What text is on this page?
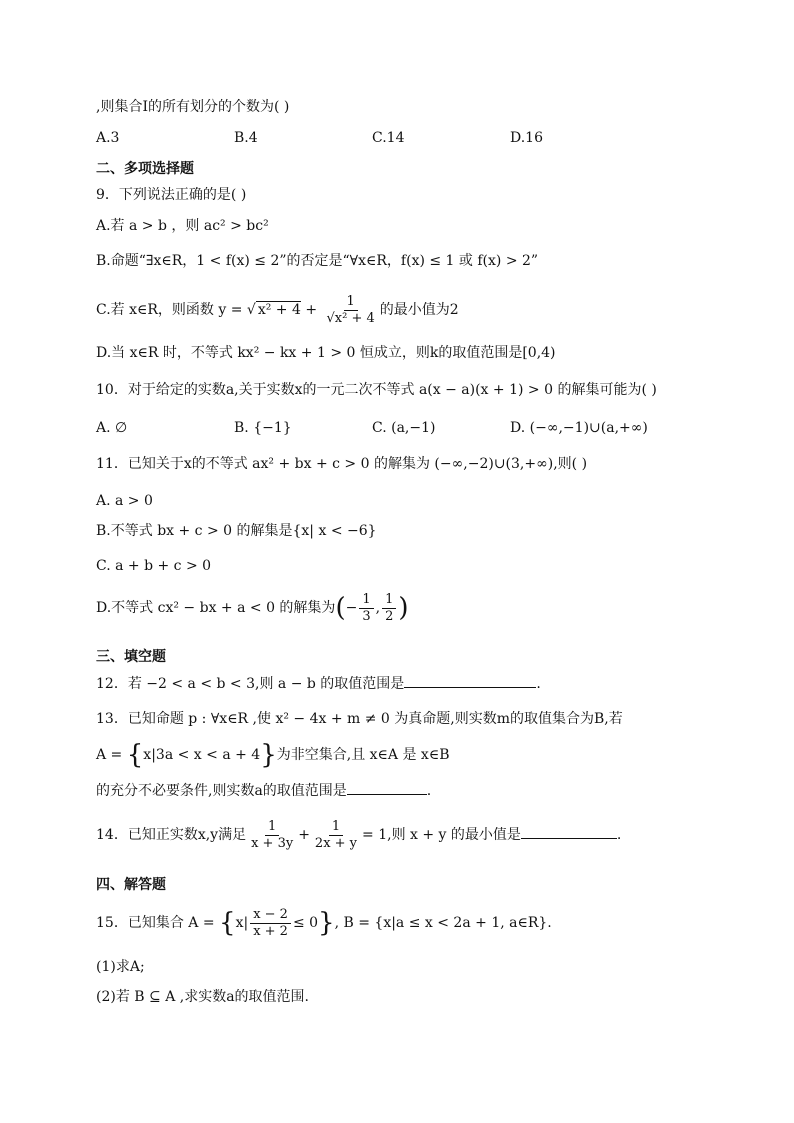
,则集合I的所有划分的个数为( )
A.3	B.4	C.14	D.16
二、多项选择题
9．下列说法正确的是( )
A.若 a > b ，则 ac² > bc²
B.命题“∃x∈R，1 < f(x) ≤ 2”的否定是“∀x∈R，f(x) ≤ 1 或 f(x) > 2”
C.若 x∈R，则函数 y = √ $x^2 + 4 + \frac{1}{\text{√x² + 4}}$ 的最小值为2
D.当 x∈R 时，不等式 kx² − kx + 1 > 0 恒成立，则k的取值范围是[0,4)
10．对于给定的实数a,关于实数x的一元二次不等式 a(x − a)(x + 1) > 0 的解集可能为( )
A. ∅	B. {−1}	C. (a,−1)	D. (−∞,−1)∪(a,+∞)
11．已知关于x的不等式 ax² + bx + c > 0 的解集为 (−∞,−2)∪(3,+∞),则( )
A. a > 0
B.不等式 bx + c > 0 的解集是{x| x < −6}
C. a + b + c > 0
D.不等式 cx² − bx + a < 0 的解集为(− $\frac{1}{3}$ , $\frac{1}{2}$ )
三、填空题
12．若 −2 < a < b < 3,则 a − b 的取值范围是	.
13．已知命题 p : ∀x∈R ,使 x² − 4x + m ≠ 0 为真命题,则实数m的取值集合为B,若
A = {x|3a < x < a + 4}为非空集合,且 x∈A 是 x∈B
的充分不必要条件,则实数a的取值范围是	.
14．已知正实数x,y满足 $\frac{1}{x + 3y} + \frac{1}{2x + y} = 1$,则 x + y 的最小值是	.
四、解答题
15．已知集合 $A = \{x| \frac{x - 2}{x + 2} \le 0\}$, B = {x|a ≤ x < 2a + 1, a∈R}.
(1)求A;
(2)若 B ⊆ A ,求实数a的取值范围.
